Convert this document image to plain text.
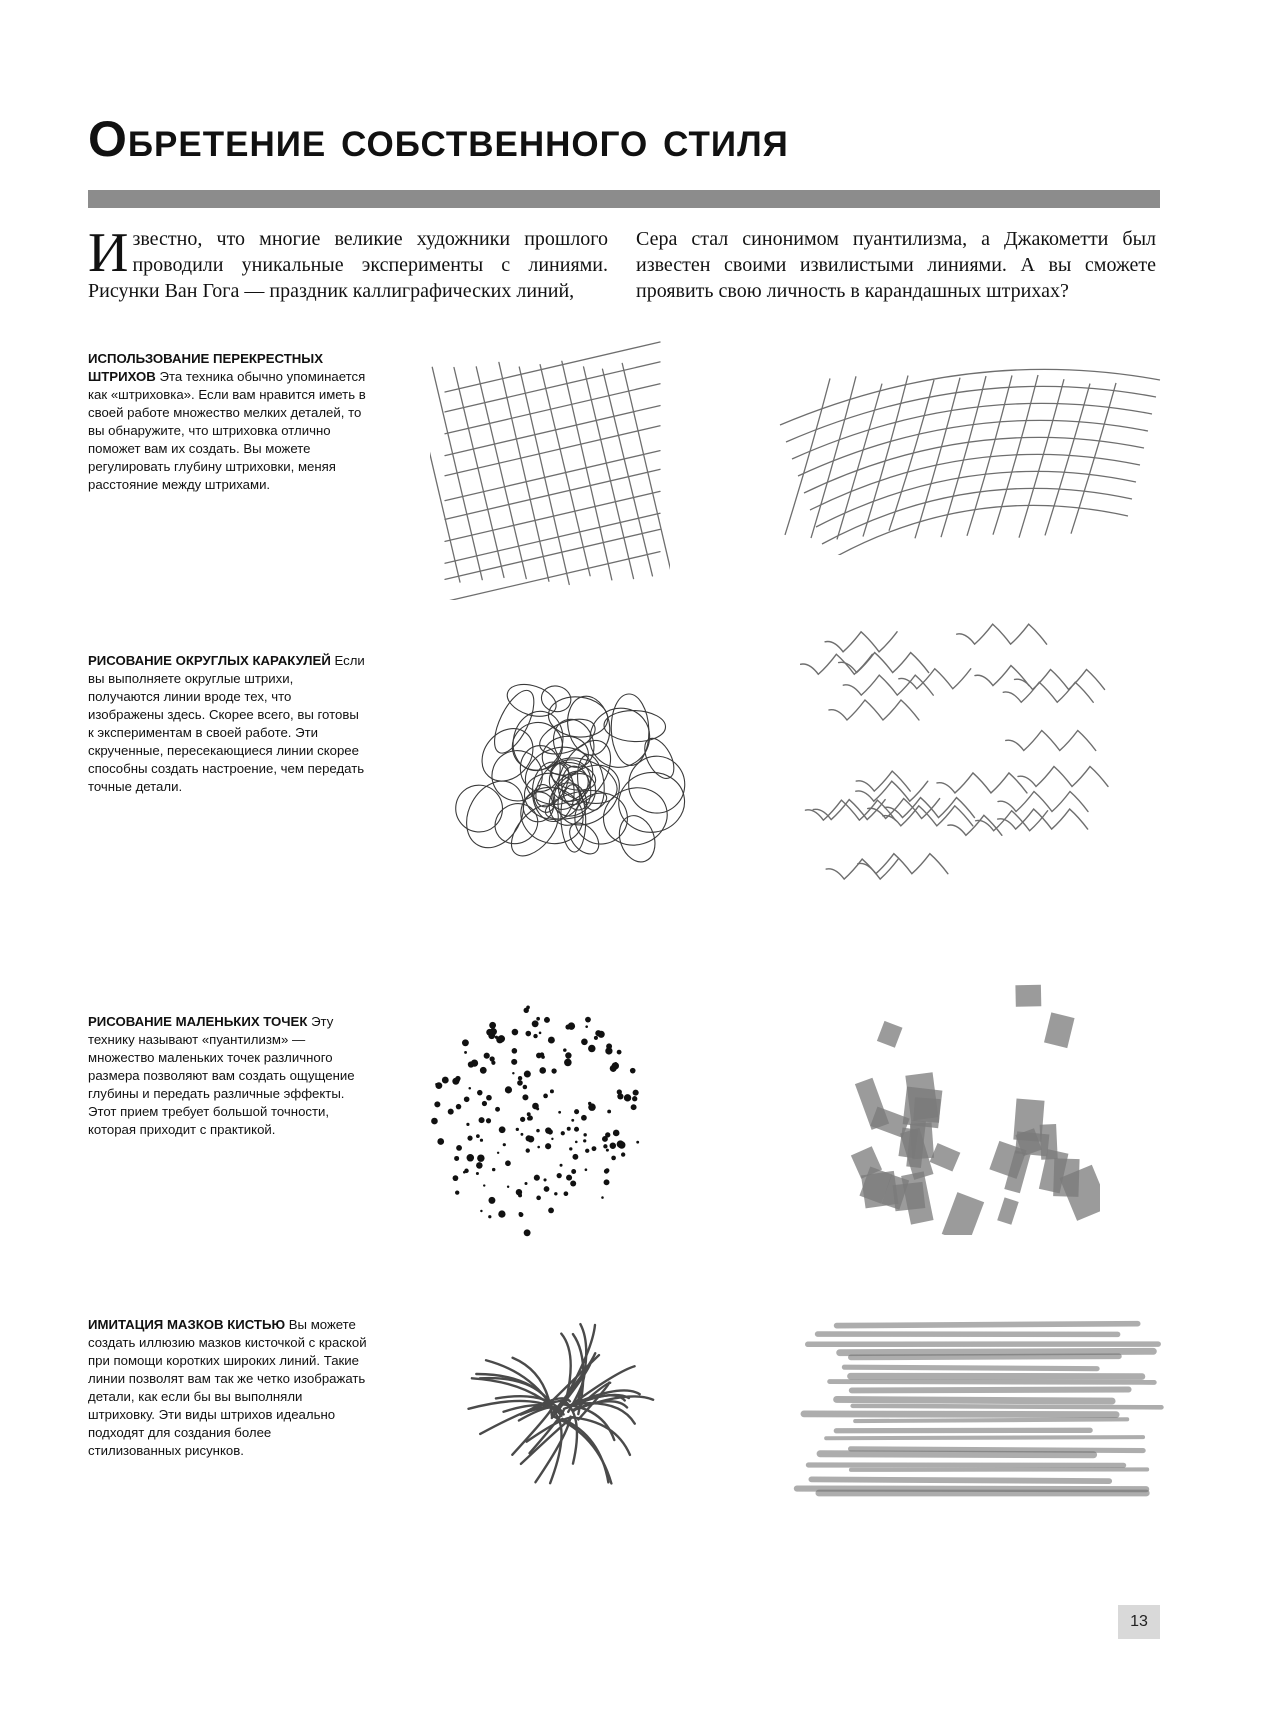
Обретение собственного стиля
Известно, что многие великие художники прошлого проводили уникальные эксперименты с линиями. Рисунки Ван Гога — праздник каллиграфических линий,
Сера стал синонимом пуантилизма, а Джакометти был известен своими извилистыми линиями. А вы сможете проявить свою личность в карандашных штрихах?
ИСПОЛЬЗОВАНИЕ ПЕРЕКРЕСТНЫХ ШТРИХОВ Эта техника обычно упоминается как «штриховка». Если вам нравится иметь в своей работе множество мелких деталей, то вы обнаружите, что штриховка отлично поможет вам их создать. Вы можете регулировать глубину штриховки, меняя расстояние между штрихами.
РИСОВАНИЕ ОКРУГЛЫХ КАРАКУЛЕЙ Если вы выполняете округлые штрихи, получаются линии вроде тех, что изображены здесь. Скорее всего, вы готовы к экспериментам в своей работе. Эти скрученные, пересекающиеся линии скорее способны создать настроение, чем передать точные детали.
РИСОВАНИЕ МАЛЕНЬКИХ ТОЧЕК Эту технику называют «пуантилизм» — множество маленьких точек различного размера позволяют вам создать ощущение глубины и передать различные эффекты. Этот прием требует большой точности, которая приходит с практикой.
ИМИТАЦИЯ МАЗКОВ КИСТЬЮ Вы можете создать иллюзию мазков кисточкой с краской при помощи коротких широких линий. Такие линии позволят вам так же четко изображать детали, как если бы вы выполняли штриховку. Эти виды штрихов идеально подходят для создания более стилизованных рисунков.
13
